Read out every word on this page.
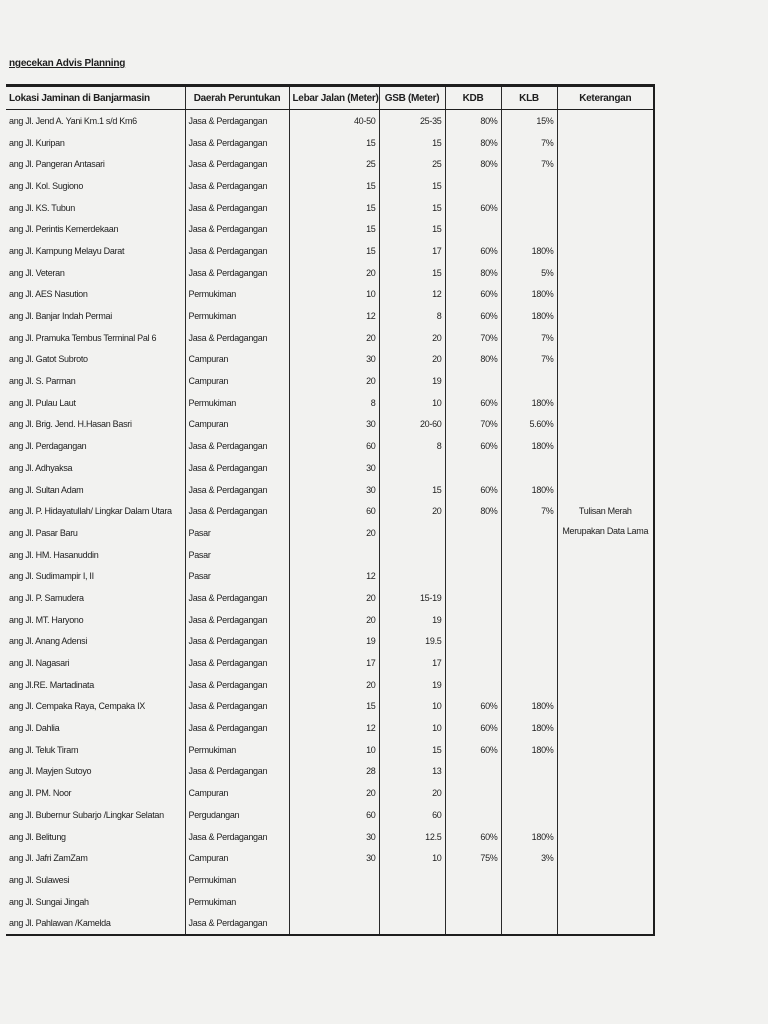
ngecekan Advis Planning
Lokasi Jaminan di Banjarmasin	Daerah Peruntukan	Lebar Jalan (Meter)	GSB (Meter)	KDB	KLB	Keterangan
ang Jl. Jend A. Yani Km.1 s/d Km6	Jasa & Perdagangan	40-50	25-35	80%	15%	
ang Jl. Kuripan	Jasa & Perdagangan	15	15	80%	7%	
ang Jl. Pangeran Antasari	Jasa & Perdagangan	25	25	80%	7%	
ang Jl. Kol. Sugiono	Jasa & Perdagangan	15	15			
ang Jl. KS. Tubun	Jasa & Perdagangan	15	15	60%		
ang Jl. Perintis Kemerdekaan	Jasa & Perdagangan	15	15			
ang Jl. Kampung Melayu Darat	Jasa & Perdagangan	15	17	60%	180%	
ang Jl. Veteran	Jasa & Perdagangan	20	15	80%	5%	
ang Jl. AES Nasution	Permukiman	10	12	60%	180%	
ang Jl. Banjar Indah Permai	Permukiman	12	8	60%	180%	
ang Jl. Pramuka Tembus Terminal Pal 6	Jasa & Perdagangan	20	20	70%	7%	
ang Jl. Gatot Subroto	Campuran	30	20	80%	7%	
ang Jl. S. Parman	Campuran	20	19			
ang Jl. Pulau Laut	Permukiman	8	10	60%	180%	
ang Jl. Brig. Jend. H.Hasan Basri	Campuran	30	20-60	70%	5.60%	
ang Jl. Perdagangan	Jasa & Perdagangan	60	8	60%	180%	
ang Jl. Adhyaksa	Jasa & Perdagangan	30				
ang Jl. Sultan Adam	Jasa & Perdagangan	30	15	60%	180%	
ang Jl. P. Hidayatullah/ Lingkar Dalam Utara	Jasa & Perdagangan	60	20	80%	7%	Tulisan Merah Merupakan Data Lama
ang Jl. Pasar Baru	Pasar	20				
ang Jl. HM. Hasanuddin	Pasar					
ang Jl. Sudimampir I, II	Pasar	12				
ang Jl. P. Samudera	Jasa & Perdagangan	20	15-19			
ang Jl. MT. Haryono	Jasa & Perdagangan	20	19			
ang Jl. Anang Adensi	Jasa & Perdagangan	19	19.5			
ang Jl. Nagasari	Jasa & Perdagangan	17	17			
ang Jl.RE. Martadinata	Jasa & Perdagangan	20	19			
ang Jl. Cempaka Raya, Cempaka IX	Jasa & Perdagangan	15	10	60%	180%	
ang Jl. Dahlia	Jasa & Perdagangan	12	10	60%	180%	
ang Jl. Teluk Tiram	Permukiman	10	15	60%	180%	
ang Jl. Mayjen Sutoyo	Jasa & Perdagangan	28	13			
ang Jl. PM. Noor	Campuran	20	20			
ang Jl. Bubernur Subarjo /Lingkar Selatan	Pergudangan	60	60			
ang Jl. Belitung	Jasa & Perdagangan	30	12.5	60%	180%	
ang Jl. Jafri ZamZam	Campuran	30	10	75%	3%	
ang Jl. Sulawesi	Permukiman					
ang Jl. Sungai Jingah	Permukiman					
ang Jl. Pahlawan /Kamelda	Jasa & Perdagangan					
